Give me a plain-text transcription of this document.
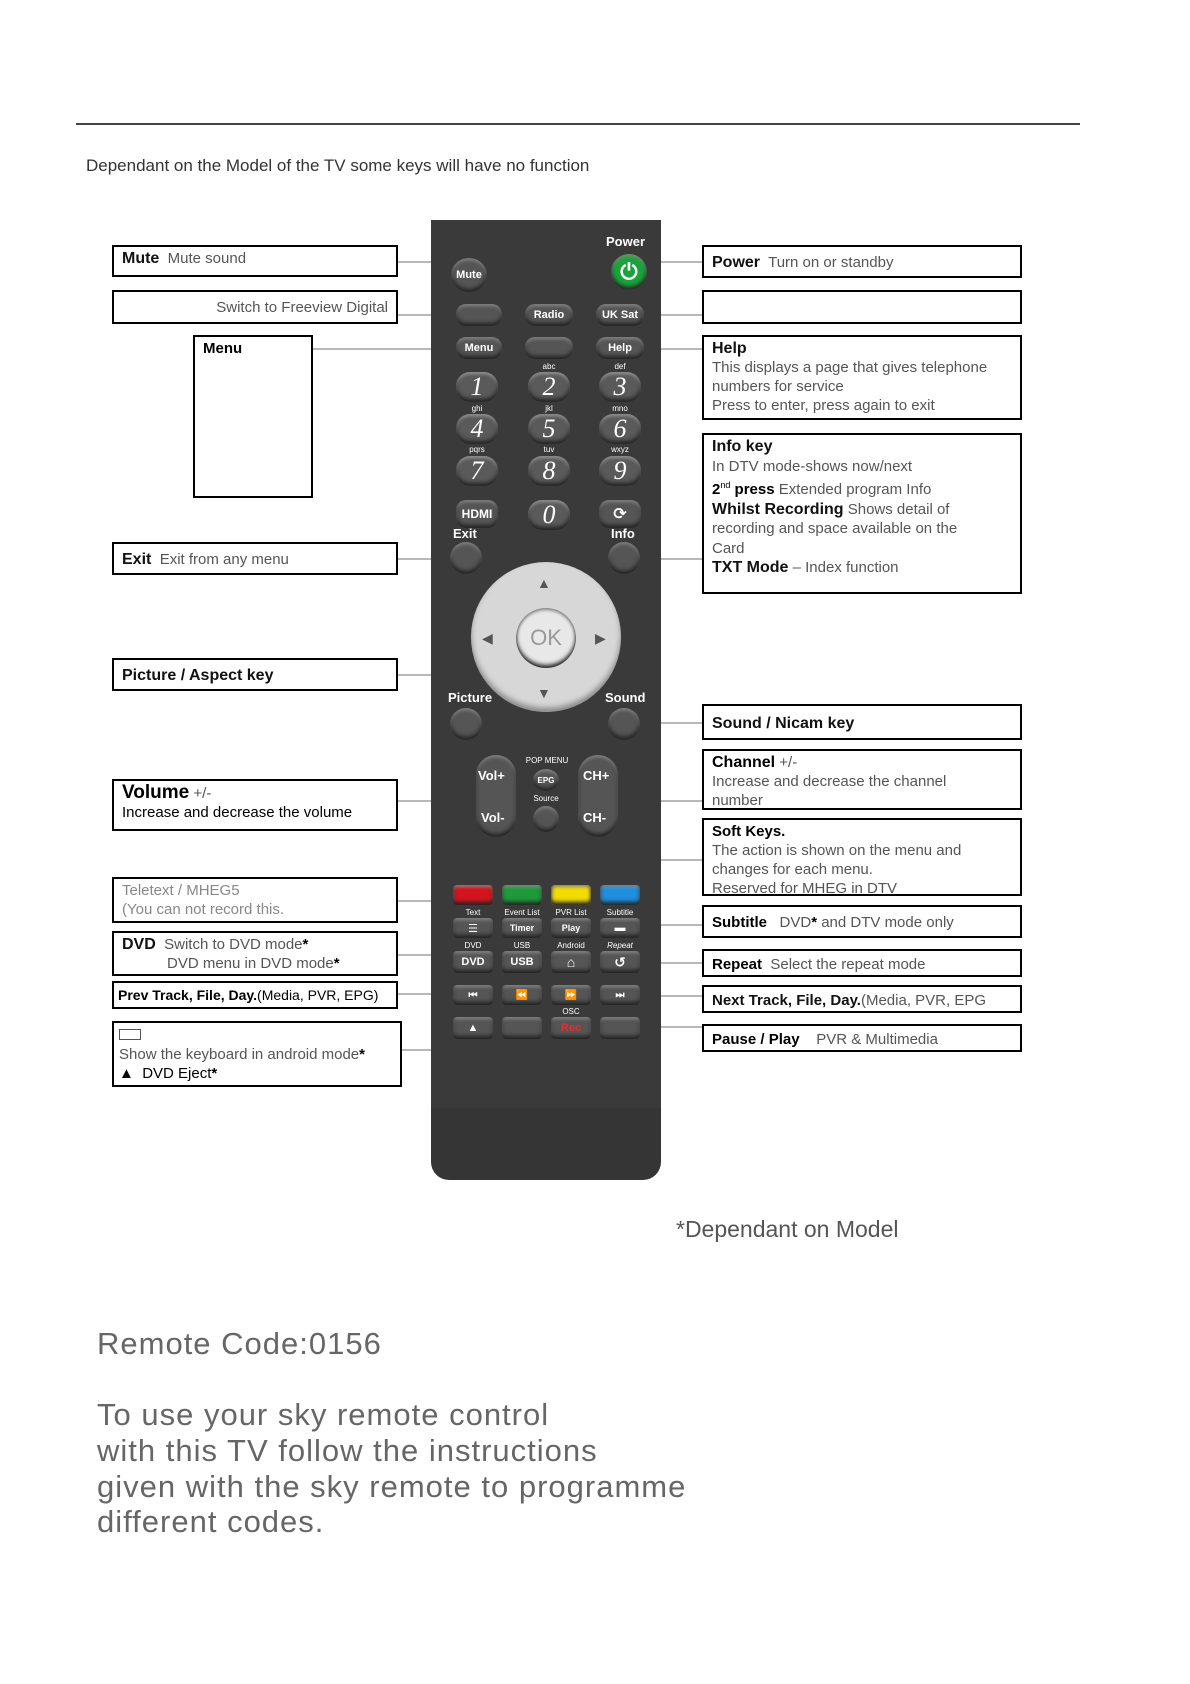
Dependant on the Model of the TV some keys will have no function
Mute Mute sound
Switch to Freeview Digital
Menu
Exit Exit from any menu
Picture / Aspect key
Volume +/-
Increase and decrease the volume
Teletext / MHEG5
(You can not record this.
DVD Switch to DVD mode*
DVD menu in DVD mode*
Prev Track, File, Day.(Media, PVR, EPG)

Show the keyboard in android mode*
▲ DVD Eject*
Power Turn on or standby
Help
This displays a page that gives telephone
numbers for service
Press to enter, press again to exit
Info key
In DTV mode-shows now/next
2nd press Extended program Info
Whilst Recording Shows detail of
recording and space available on the
Card
TXT Mode – Index function
Sound / Nicam key
Channel +/-
Increase and decrease the channel
number
Soft Keys.
The action is shown on the menu and
changes for each menu.
Reserved for MHEG in DTV
Subtitle DVD* and DTV mode only
Repeat Select the repeat mode
Next Track, File, Day.(Media, PVR, EPG
Pause / Play PVR & Multimedia
Power
⏻
Mute
Radio	UK Sat
Menu	Help
abc	def
1	2	3
ghi	jkl	mno
4	5	6
pqrs	tuv	wxyz
7	8	9
HDMI	0	⟳
Exit	Info
OK
▲
▼
◀	▶
Picture	Sound
Vol+
Vol-
CH+
CH-
POP MENU
EPG
Source
Text	Event List	PVR List	Subtitle
☰	Timer	Play	▬
DVD	USB	Android	Repeat
DVD	USB	⌂	↺
⏮	⏪	⏩	⏭
OSC
▲	Rec
*Dependant on Model
Remote Code:0156
To use your sky remote control
with this TV follow the instructions
given with the sky remote to programme
different codes.
